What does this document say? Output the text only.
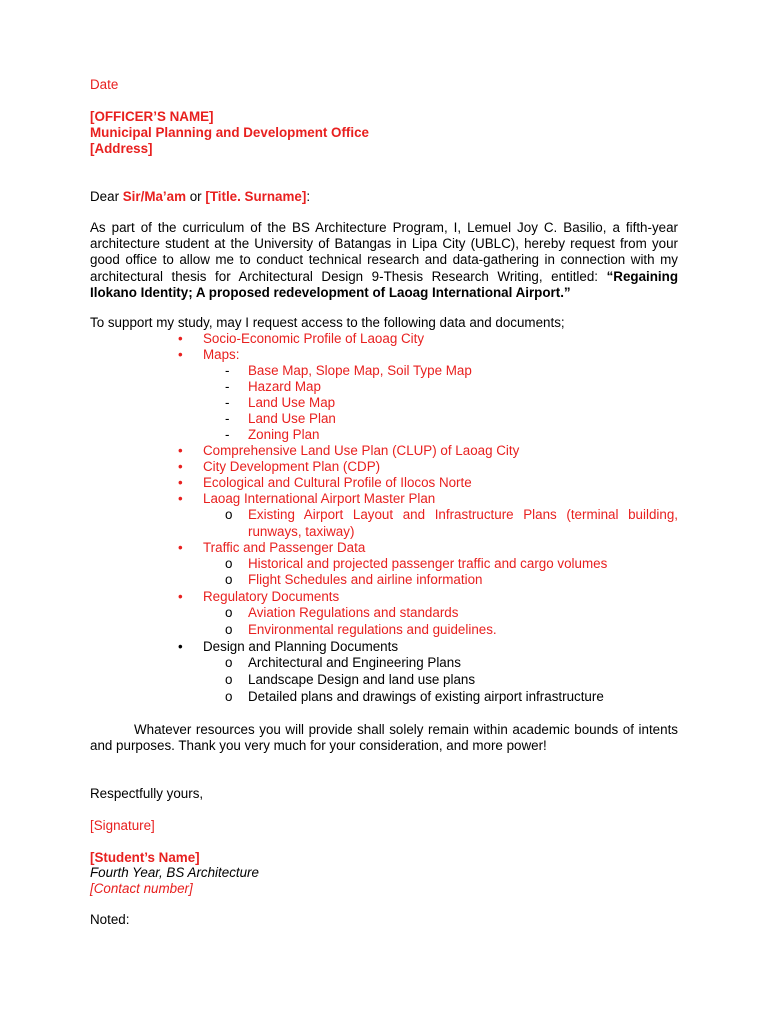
Date
[OFFICER’S NAME]
Municipal Planning and Development Office
[Address]
Dear Sir/Ma’am or [Title. Surname]:
As part of the curriculum of the BS Architecture Program, I, Lemuel Joy C. Basilio, a fifth-year architecture student at the University of Batangas in Lipa City (UBLC), hereby request from your good office to allow me to conduct technical research and data-gathering in connection with my architectural thesis for Architectural Design 9-Thesis Research Writing, entitled: “Regaining Ilokano Identity; A proposed redevelopment of Laoag International Airport.”
To support my study, may I request access to the following data and documents;
• Socio-Economic Profile of Laoag City
• Maps:
- Base Map, Slope Map, Soil Type Map
- Hazard Map
- Land Use Map
- Land Use Plan
- Zoning Plan
• Comprehensive Land Use Plan (CLUP) of Laoag City
• City Development Plan (CDP)
• Ecological and Cultural Profile of Ilocos Norte
• Laoag International Airport Master Plan
o Existing Airport Layout and Infrastructure Plans (terminal building, runways, taxiway)
• Traffic and Passenger Data
o Historical and projected passenger traffic and cargo volumes
o Flight Schedules and airline information
• Regulatory Documents
o Aviation Regulations and standards
o Environmental regulations and guidelines.
• Design and Planning Documents
o Architectural and Engineering Plans
o Landscape Design and land use plans
o Detailed plans and drawings of existing airport infrastructure
Whatever resources you will provide shall solely remain within academic bounds of intents and purposes. Thank you very much for your consideration, and more power!
Respectfully yours,
[Signature]
[Student’s Name]
Fourth Year, BS Architecture
[Contact number]
Noted:
